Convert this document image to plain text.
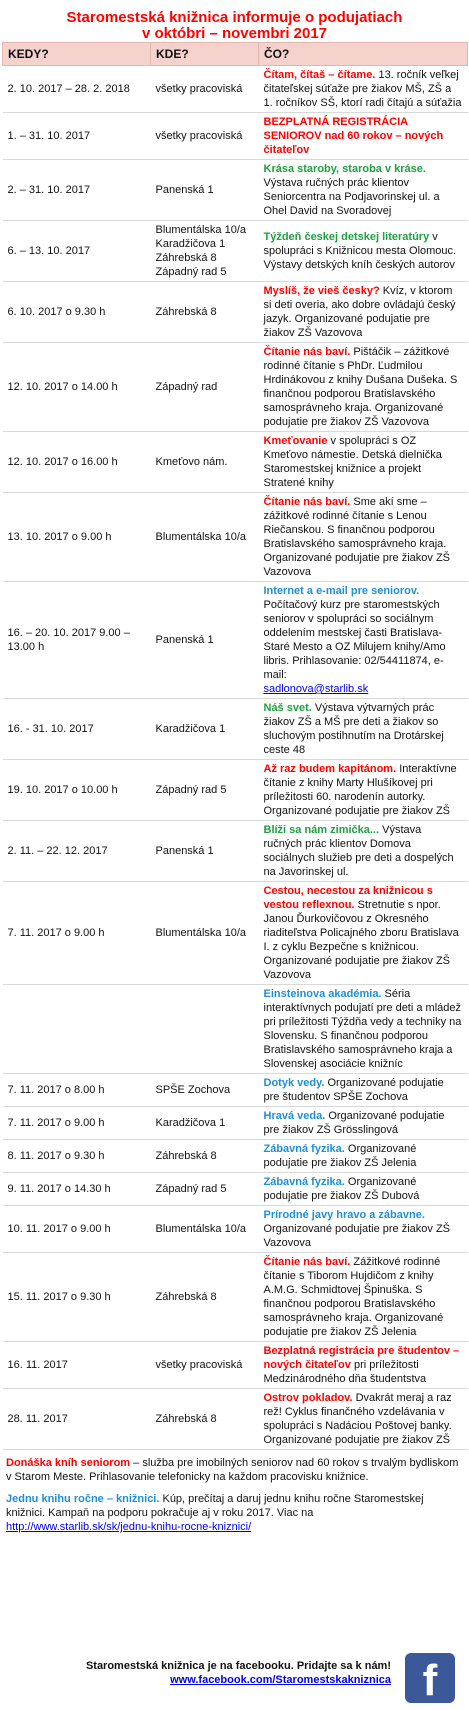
Staromestská knižnica informuje o podujatiach
v októbri – novembri 2017
KEDY?	KDE?	ČO?
2. 10. 2017 – 28. 2. 2018	všetky pracoviská	Čítam, čítaš – čítame. 13. ročník veľkej čitateľskej súťaže pre žiakov MŠ, ZŠ a 1. ročníkov SŠ, ktorí radi čítajú a súťažia
1. – 31. 10. 2017	všetky pracoviská	BEZPLATNÁ REGISTRÁCIA SENIOROV nad 60 rokov – nových čitateľov
2. – 31. 10. 2017	Panenská 1	Krása staroby, staroba v kráse. Výstava ručných prác klientov Seniorcentra na Podjavorinskej ul. a Ohel David na Svoradovej
6. – 13. 10. 2017	Blumentálska 10/a Karadžičova 1 Záhrebská 8 Západný rad 5	Týždeň českej detskej literatúry v spolupráci s Knižnicou mesta Olomouc. Výstavy detských kníh českých autorov
6. 10. 2017 o 9.30 h	Záhrebská 8	Myslíš, že vieš česky? Kvíz, v ktorom si deti overia, ako dobre ovládajú český jazyk. Organizované podujatie pre žiakov ZŠ Vazovova
12. 10. 2017 o 14.00 h	Západný rad	Čítanie nás baví. Pištáčik – zážitkové rodinné čítanie s PhDr. Ľudmilou Hrdinákovou z knihy Dušana Dušeka. S finančnou podporou Bratislavského samosprávneho kraja. Organizované podujatie pre žiakov ZŠ Vazovova
12. 10. 2017 o 16.00 h	Kmeťovo nám.	Kmeťovanie v spolupráci s OZ Kmeťovo námestie. Detská dielnička Staromestskej knižnice a projekt Stratené knihy
13. 10. 2017 o 9.00 h	Blumentálska 10/a	Čítanie nás baví. Sme akí sme – zážitkové rodinné čítanie s Lenou Riečanskou. S finančnou podporou Bratislavského samosprávneho kraja. Organizované podujatie pre žiakov ZŠ Vazovova
16. – 20. 10. 2017 9.00 – 13.00 h	Panenská 1	Internet a e-mail pre seniorov. Počítačový kurz pre staromestských seniorov v spolupráci so sociálnym oddelením mestskej časti Bratislava-Staré Mesto a OZ Milujem knihy/Amo libris. Prihlasovanie: 02/54411874, e-mail:
sadlonova@starlib.sk
16. - 31. 10. 2017	Karadžičova 1	Náš svet. Výstava výtvarných prác žiakov ZŠ a MŠ pre deti a žiakov so sluchovým postihnutím na Drotárskej ceste 48
19. 10. 2017 o 10.00 h	Západný rad 5	Až raz budem kapitánom. Interaktívne čítanie z knihy Marty Hlušíkovej pri príležitosti 60. narodenín autorky. Organizované podujatie pre žiakov ZŠ
2. 11. – 22. 12. 2017	Panenská 1	Blíži sa nám zimička... Výstava ručných prác klientov Domova sociálnych služieb pre deti a dospelých na Javorinskej ul.
7. 11. 2017 o 9.00 h	Blumentálska 10/a	Cestou, necestou za knižnicou s vestou reflexnou. Stretnutie s npor. Janou Ďurkovičovou z Okresného riaditeľstva Policajného zboru Bratislava I. z cyklu Bezpečne s knižnicou. Organizované podujatie pre žiakov ZŠ Vazovova
		Einsteinova akadémia. Séria interaktívnych podujatí pre deti a mládež pri príležitosti Týždňa vedy a techniky na Slovensku. S finančnou podporou Bratislavského samosprávneho kraja a Slovenskej asociácie knižníc
7. 11. 2017 o 8.00 h	SPŠE Zochova	Dotyk vedy. Organizované podujatie pre študentov SPŠE Zochova
7. 11. 2017 o 9.00 h	Karadžičova 1	Hravá veda. Organizované podujatie pre žiakov ZŠ Grösslingová
8. 11. 2017 o 9.30 h	Záhrebská 8	Zábavná fyzika. Organizované podujatie pre žiakov ZŠ Jelenia
9. 11. 2017 o 14.30 h	Západný rad 5	Zábavná fyzika. Organizované podujatie pre žiakov ZŠ Dubová
10. 11. 2017 o 9.00 h	Blumentálska 10/a	Prírodné javy hravo a zábavne. Organizované podujatie pre žiakov ZŠ Vazovova
15. 11. 2017 o 9.30 h	Záhrebská 8	Čítanie nás baví. Zážitkové rodinné čítanie s Tiborom Hujdičom z knihy A.M.G. Schmidtovej Špinuška. S finančnou podporou Bratislavského samosprávneho kraja. Organizované podujatie pre žiakov ZŠ Jelenia
16. 11. 2017	všetky pracoviská	Bezplatná registrácia pre študentov – nových čitateľov pri príležitosti Medzinárodného dňa študentstva
28. 11. 2017	Záhrebská 8	Ostrov pokladov. Dvakrát meraj a raz rež! Cyklus finančného vzdelávania v spolupráci s Nadáciou Poštovej banky. Organizované podujatie pre žiakov ZŠ

Donáška kníh seniorom – služba pre imobilných seniorov nad 60 rokov s trvalým bydliskom v Starom Meste. Prihlasovanie telefonicky na každom pracovisku knižnice.

Jednu knihu ročne – knižnici. Kúp, prečítaj a daruj jednu knihu ročne Staromestskej knižnici. Kampaň na podporu pokračuje aj v roku 2017. Viac na
http://www.starlib.sk/sk/jednu-knihu-rocne-kniznici/

Staromestská knižnica je na facebooku. Pridajte sa k nám!
www.facebook.com/Staromestskakniznica f
